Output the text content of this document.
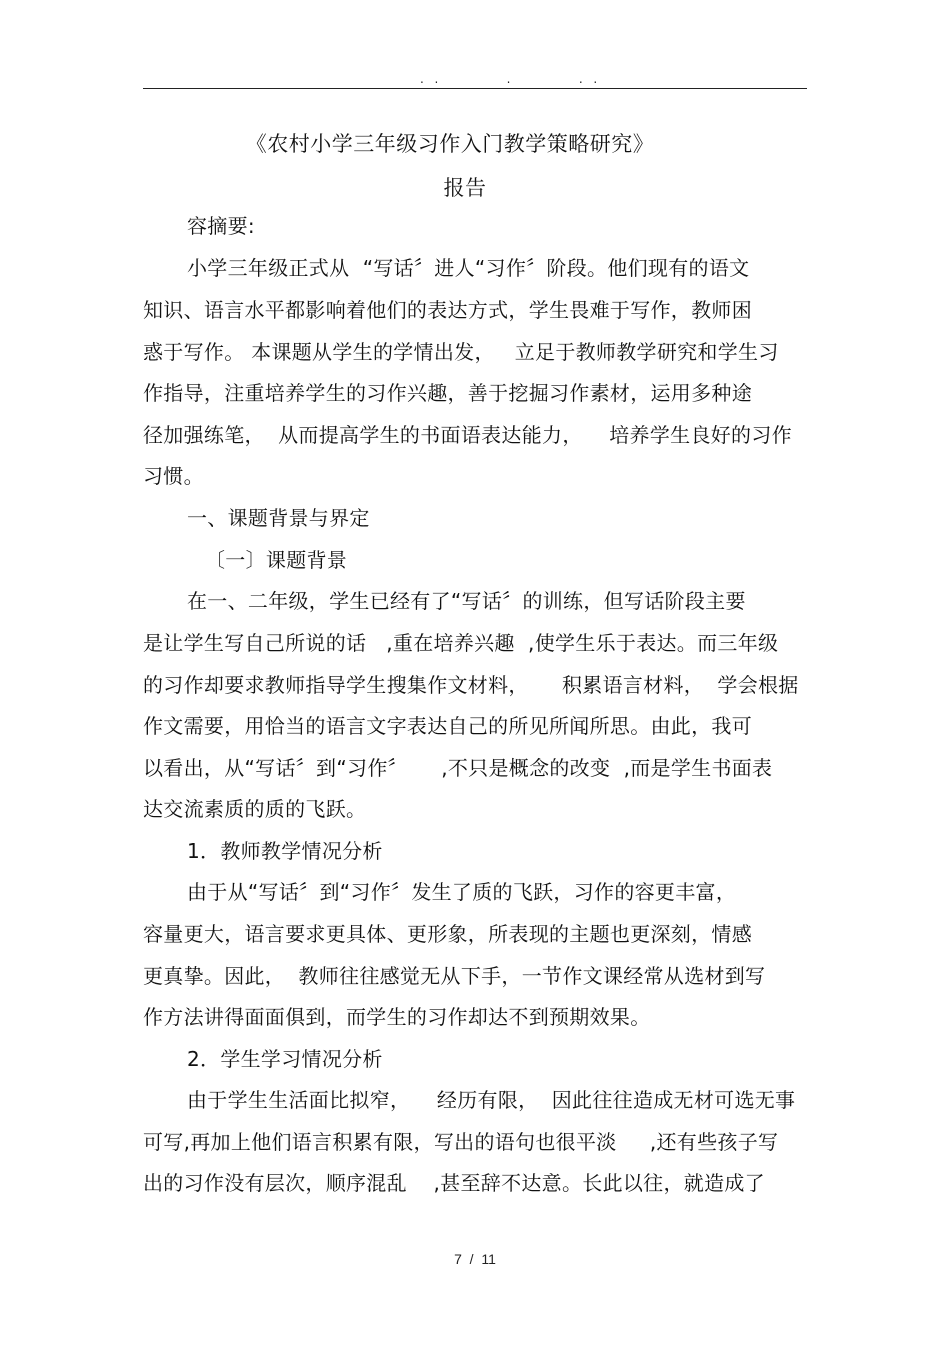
.  .              .              .  .
《农村小学三年级习作入门教学策略研究》
报告
容摘要:
小学三年级正式从  “写话〞进人“习作〞阶段。他们现有的语文
知识、语言水平都影响着他们的表达方式，学生畏难于写作，教师困
惑于写作。 本课题从学生的学情出发，   立足于教师教学研究和学生习
作指导，注重培养学生的习作兴趣，善于挖掘习作素材，运用多种途
径加强练笔，  从而提高学生的书面语表达能力，    培养学生良好的习作
习惯。
一、课题背景与界定
〔一〕课题背景
在一、二年级，学生已经有了“写话〞的训练，但写话阶段主要
是让学生写自己所说的话   ,重在培养兴趣  ,使学生乐于表达。而三年级
的习作却要求教师指导学生搜集作文材料，     积累语言材料，  学会根据
作文需要，用恰当的语言文字表达自己的所见所闻所思。由此，我可
以看出，从“写话〞到“习作〞     ,不只是概念的改变  ,而是学生书面表
达交流素质的质的飞跃。
1．教师教学情况分析
由于从“写话〞到“习作〞发生了质的飞跃，习作的容更丰富，
容量更大，语言要求更具体、更形象，所表现的主题也更深刻，情感
更真挚。因此，  教师往往感觉无从下手，一节作文课经常从选材到写
作方法讲得面面俱到，而学生的习作却达不到预期效果。
2．学生学习情况分析
由于学生生活面比拟窄，    经历有限，  因此往往造成无材可选无事
可写,再加上他们语言积累有限，写出的语句也很平淡     ,还有些孩子写
出的习作没有层次，顺序混乱    ,甚至辞不达意。长此以往，就造成了
7  /  11
